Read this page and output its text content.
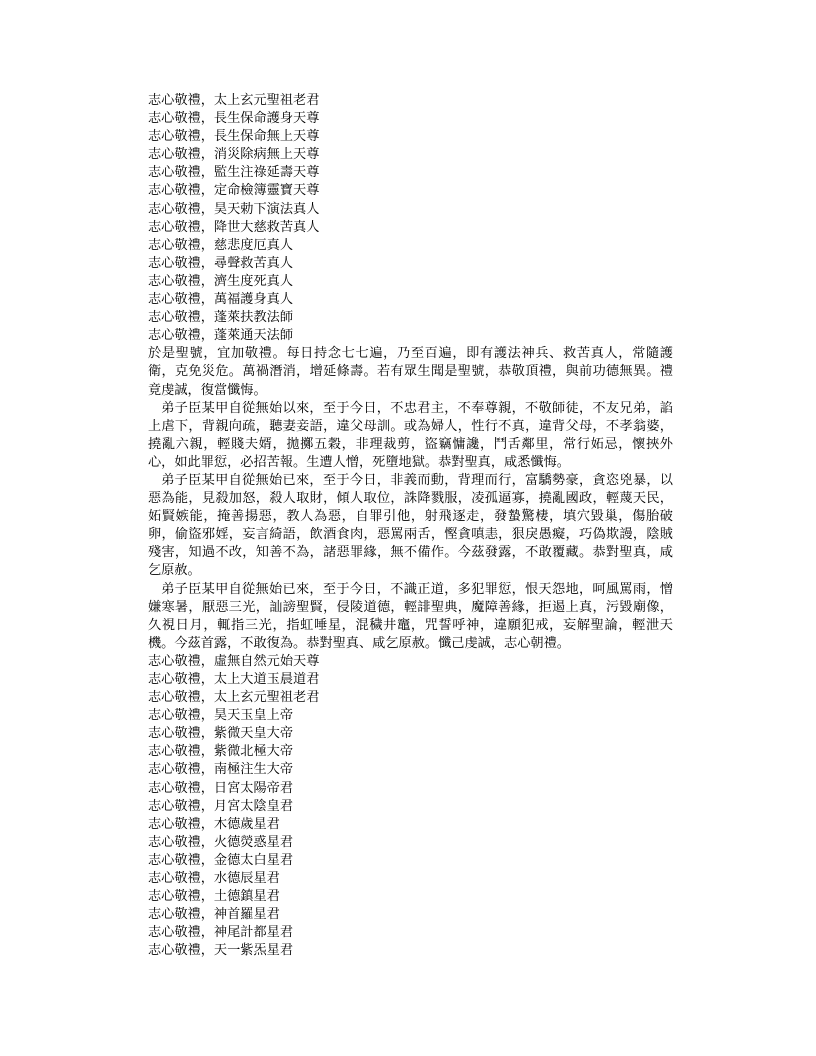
志心敬禮，太上玄元聖祖老君
志心敬禮，長生保命護身天尊
志心敬禮，長生保命無上天尊
志心敬禮，消災除病無上天尊
志心敬禮，監生注祿延壽天尊
志心敬禮，定命檢簿靈寶天尊
志心敬禮，昊天勅下演法真人
志心敬禮，降世大慈救苦真人
志心敬禮，慈悲度厄真人
志心敬禮，尋聲救苦真人
志心敬禮，濟生度死真人
志心敬禮，萬福護身真人
志心敬禮，蓬萊扶教法師
志心敬禮，蓬萊通天法師

於是聖號，宜加敬禮。每日持念七七遍，乃至百遍，即有護法神兵、救苦真人，常隨護衛，克免災危。萬禍潛消，增延條壽。若有眾生聞是聖號，恭敬頂禮，與前功德無異。禮竟虔誠，復當懺悔。

弟子臣某甲自從無始以來，至于今日，不忠君主，不奉尊親，不敬師徒，不友兄弟，諂上虐下，背親向疏，聽妻妾語，違父母訓。或為婦人，性行不真，違背父母，不孝翁婆，撓亂六親，輕賤夫婿，拋擲五穀，非理裁剪，盜竊慵讒，鬥舌鄰里，常行妬忌，懷挾外心，如此罪愆，必招苦報。生遭人憎，死墮地獄。恭對聖真，咸悉懺悔。

弟子臣某甲自從無始已來，至于今日，非義而動，背理而行，富驕勢豪，貪恣兇暴，以惡為能，見殺加怒，殺人取財，傾人取位，誅降戮服，凌孤逼寡，撓亂國政，輕蔑天民，妬賢嫉能，掩善揚惡，教人為惡，自罪引他，射飛逐走，發蟄驚棲，填穴毀巢，傷胎破卵，偷盜邪婬，妄言綺語，飲酒食肉，惡罵兩舌，慳貪嗔恚，狠戾愚癡，巧偽欺謾，陰賊殘害，知過不改，知善不為，諸惡罪緣，無不備作。今茲發露，不敢覆藏。恭對聖真，咸乞原赦。

弟子臣某甲自從無始已來，至于今日，不識正道，多犯罪愆，恨天怨地，呵風罵雨，憎嫌寒暑，厭惡三光，訕謗聖賢，侵陵道德，輕誹聖典，魔障善緣，拒遏上真，污毀廟像，久視日月，輒指三光，指虹唾星，混穢井竈，咒誓呼神，違願犯戒，妄解聖論，輕泄天機。今茲首露，不敢復為。恭對聖真、咸乞原赦。懺己虔誠，志心朝禮。

志心敬禮，虛無自然元始天尊
志心敬禮，太上大道玉晨道君
志心敬禮，太上玄元聖祖老君
志心敬禮，昊天玉皇上帝
志心敬禮，紫微天皇大帝
志心敬禮，紫微北極大帝
志心敬禮，南極注生大帝
志心敬禮，日宮太陽帝君
志心敬禮，月宮太陰皇君
志心敬禮，木德歲星君
志心敬禮，火德熒惑星君
志心敬禮，金德太白星君
志心敬禮，水德辰星君
志心敬禮，土德鎮星君
志心敬禮，神首羅星君
志心敬禮，神尾計都星君
志心敬禮，天一紫炁星君
